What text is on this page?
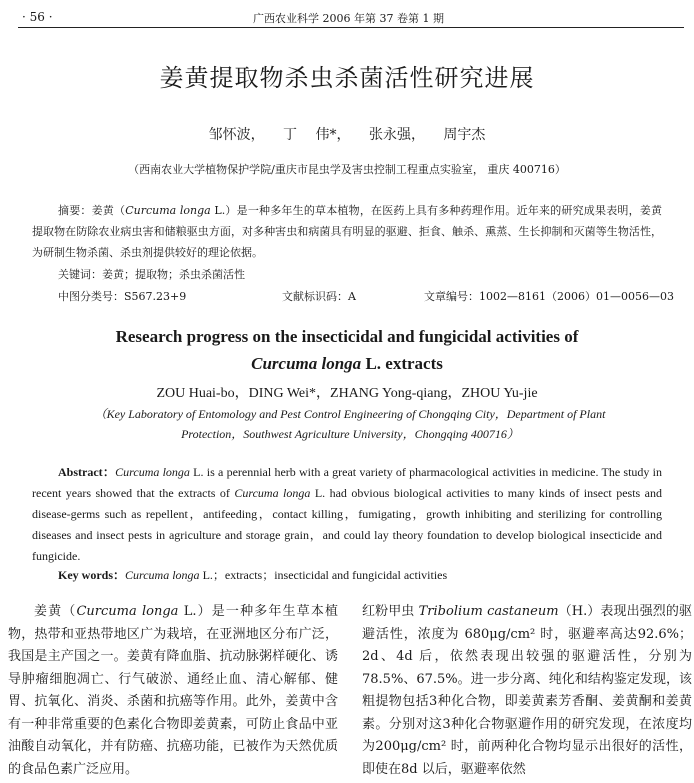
· 56 ·	广西农业科学 2006 年第 37 卷第 1 期
姜黄提取物杀虫杀菌活性研究进展
邹怀波， 丁 伟*， 张永强， 周宇杰
（西南农业大学植物保护学院/重庆市昆虫学及害虫控制工程重点实验室， 重庆 400716）
摘要：姜黄（Curcuma longa L.）是一种多年生的草本植物，在医药上具有多种药理作用。近年来的研究成果表明，姜黄提取物在防除农业病虫害和储粮驱虫方面，对多种害虫和病菌具有明显的驱避、拒食、触杀、熏蒸、生长抑制和灭菌等生物活性，为研制生物杀菌、杀虫剂提供较好的理论依据。
关键词：姜黄；提取物；杀虫杀菌活性
中图分类号：S567.23+9	文献标识码：A	文章编号：1002—8161（2006）01—0056—03
Research progress on the insecticidal and fungicidal activities of
Curcuma longa L. extracts
ZOU Huai-bo，DING Wei*，ZHANG Yong-qiang，ZHOU Yu-jie
（Key Laboratory of Entomology and Pest Control Engineering of Chongqing City，Department of Plant
Protection，Southwest Agriculture University，Chongqing 400716）
Abstract：Curcuma longa L. is a perennial herb with a great variety of pharmacological activities in medicine. The study in recent years showed that the extracts of Curcuma longa L. had obvious biological activities to many kinds of insect pests and disease-germs such as repellent，antifeeding，contact killing，fumigating，growth inhibiting and sterilizing for controlling diseases and insect pests in agriculture and storage grain，and could lay theory foundation to develop biological insecticide and fungicide.
Key words：Curcuma longa L.；extracts；insecticidal and fungicidal activities
姜黄（Curcuma longa L.）是一种多年生草本植物，热带和亚热带地区广为栽培，在亚洲地区分布广泛，我国是主产国之一。姜黄有降血脂、抗动脉粥样硬化、诱导肿瘤细胞凋亡、行气破淤、通经止血、清心解郁、健胃、抗氧化、消炎、杀菌和抗癌等作用。此外，姜黄中含有一种非常重要的色素化合物即姜黄素，可防止食品中亚油酸自动氧化，并有防癌、抗癌功能，已被作为天然优质的食品色素广泛应用。
红粉甲虫 Tribolium castaneum（H.）表现出强烈的驱避活性，浓度为 680μg/cm² 时，驱避率高达92.6%；2d、4d 后，依然表现出较强的驱避活性，分别为78.5%、67.5%。进一步分离、纯化和结构鉴定发现，该粗提物包括3种化合物，即姜黄素芳香酮、姜黄酮和姜黄素。分别对这3种化合物驱避作用的研究发现，在浓度均为200μg/cm² 时，前两种化合物均显示出很好的活性，即使在8d 以后，驱避率依然
